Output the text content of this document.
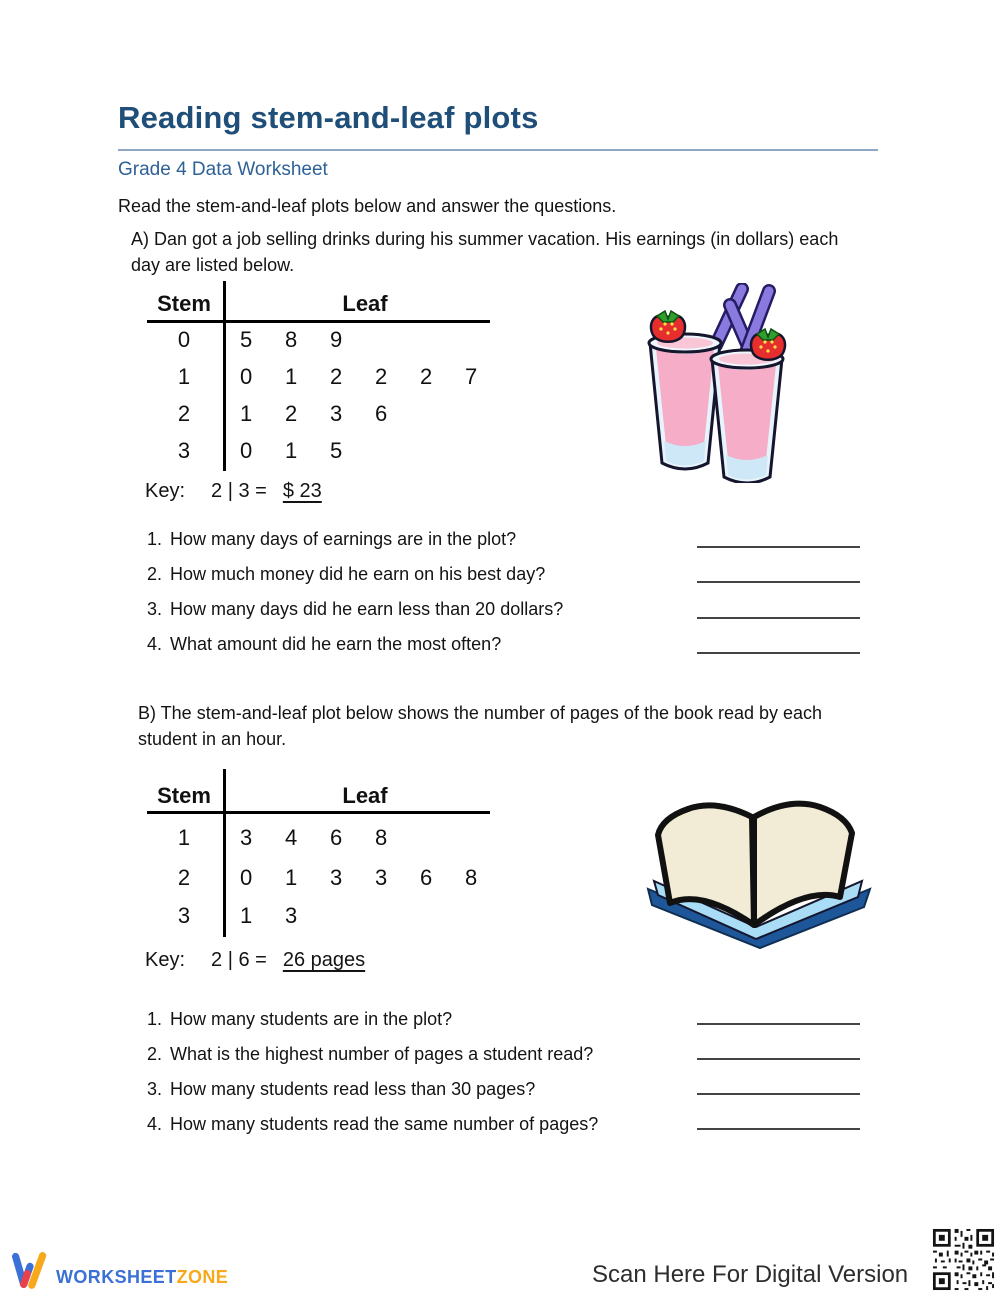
Reading stem-and-leaf plots
Grade 4 Data Worksheet
Read the stem-and-leaf plots below and answer the questions.
A) Dan got a job selling drinks during his summer vacation. His earnings (in dollars) each day are listed below.
Stem	Leaf
0	5 8 9
1	0 1 2 2 2 7
2	1 2 3 6
3	0 1 5
Key: 2 | 3 = $ 23
1. How many days of earnings are in the plot?
2. How much money did he earn on his best day?
3. How many days did he earn less than 20 dollars?
4. What amount did he earn the most often?
B) The stem-and-leaf plot below shows the number of pages of the book read by each student in an hour.
Stem	Leaf
1	3 4 6 8
2	0 1 3 3 6 8
3	1 3
Key: 2 | 6 = 26 pages
1. How many students are in the plot?
2. What is the highest number of pages a student read?
3. How many students read less than 30 pages?
4. How many students read the same number of pages?
WORKSHEETZONE	Scan Here For Digital Version
